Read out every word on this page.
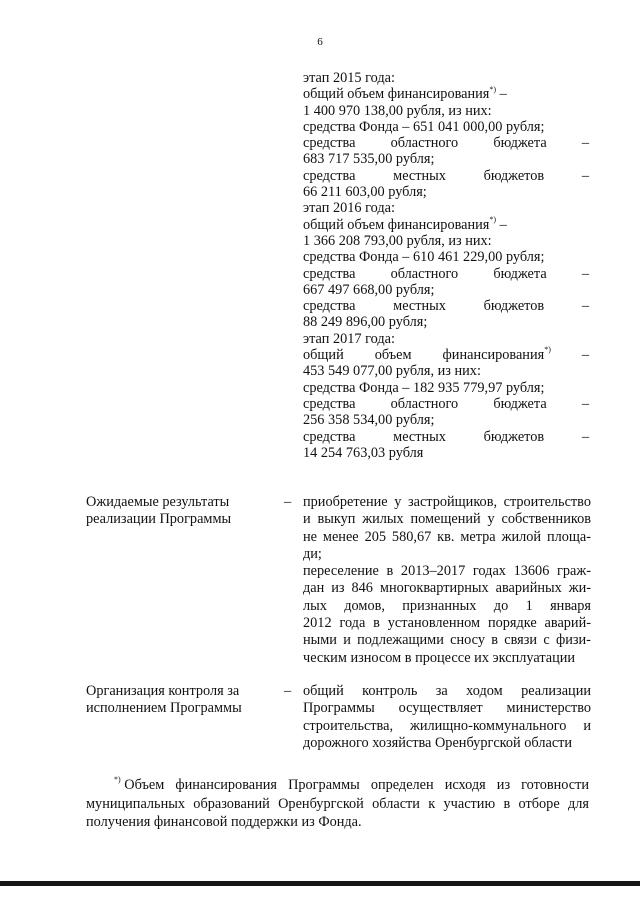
6
этап 2015 года:
общий объем финансирования*) –
1 400 970 138,00 рубля, из них:
средства Фонда – 651 041 000,00 рубля;
средства областного бюджета –
683 717 535,00 рубля;
средства	местных	бюджетов	–
66 211 603,00 рубля;
этап 2016 года:
общий объем финансирования*) –
1 366 208 793,00 рубля, из них:
средства Фонда – 610 461 229,00 рубля;
средства областного бюджета –
667 497 668,00 рубля;
средства	местных	бюджетов	–
88 249 896,00 рубля;
этап 2017 года:
общий объем финансирования*) –
453 549 077,00 рубля, из них:
средства Фонда – 182 935 779,97 рубля;
средства областного бюджета –
256 358 534,00 рубля;
средства	местных	бюджетов	–
14 254 763,03 рубля
Ожидаемые результаты
реализации Программы
– приобретение у застройщиков, строительство
и выкуп жилых помещений у собственников
не менее 205 580,67 кв. метра жилой площа-
ди;
переселение в 2013–2017 годах 13606 граж-
дан из 846 многоквартирных аварийных жи-
лых домов, признанных до 1 января
2012 года в установленном порядке аварий-
ными и подлежащими сносу в связи с физи-
ческим износом в процессе их эксплуатации
Организация контроля за
исполнением Программы
– общий контроль за ходом реализации
Программы осуществляет министерство
строительства, жилищно-коммунального и
дорожного хозяйства Оренбургской области
*) Объем финансирования Программы определен исходя из готовности
муниципальных образований Оренбургской области к участию в отборе для
получения финансовой поддержки из Фонда.
